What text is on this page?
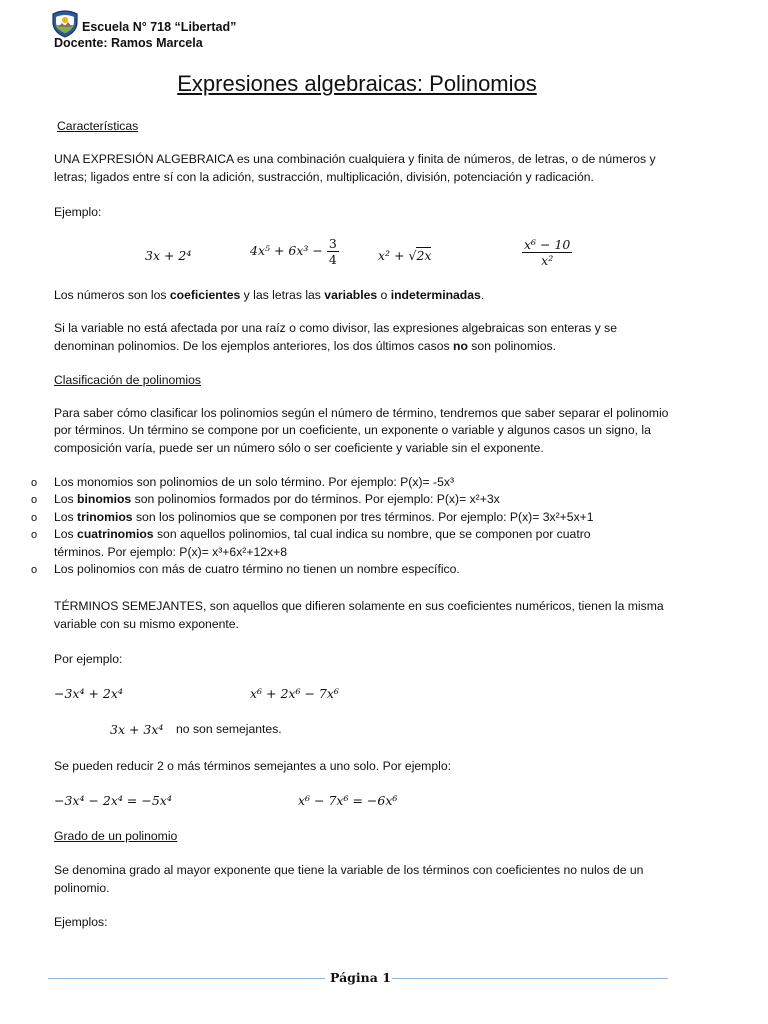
Escuela N° 718 “Libertad”
Docente: Ramos Marcela
Expresiones algebraicas: Polinomios
Características
UNA EXPRESIÓN ALGEBRAICA es una combinación cualquiera y finita de números, de letras, o de números y letras; ligados entre sí con la adición, sustracción, multiplicación, división, potenciación y radicación.
Ejemplo:
3x + 2⁴	$4x^5 + 6x^3 - \frac{3}{4}$	x² + √2x	$\frac{\text{x⁶ − 10}}{\text{x²}}$
Los números son los coeficientes y las letras las variables o indeterminadas.
Si la variable no está afectada por una raíz o como divisor, las expresiones algebraicas son enteras y se denominan polinomios. De los ejemplos anteriores, los dos últimos casos no son polinomios.
Clasificación de polinomios
Para saber cómo clasificar los polinomios según el número de término, tendremos que saber separar el polinomio por términos. Un término se compone por un coeficiente, un exponente o variable y algunos casos un signo, la composición varía, puede ser un número sólo o ser coeficiente y variable sin el exponente.
o Los monomios son polinomios de un solo término. Por ejemplo: P(x)= -5x³
o Los binomios son polinomios formados por do términos. Por ejemplo: P(x)= x²+3x
o Los trinomios son los polinomios que se componen por tres términos. Por ejemplo: P(x)= 3x²+5x+1
o Los cuatrinomios son aquellos polinomios, tal cual indica su nombre, que se componen por cuatro términos. Por ejemplo: P(x)= x³+6x²+12x+8
o Los polinomios con más de cuatro término no tienen un nombre específico.
TÉRMINOS SEMEJANTES, son aquellos que difieren solamente en sus coeficientes numéricos, tienen la misma variable con su mismo exponente.
Por ejemplo:
−3x⁴ + 2x⁴	x⁶ + 2x⁶ − 7x⁶
3x + 3x⁴ no son semejantes.
Se pueden reducir 2 o más términos semejantes a uno solo. Por ejemplo:
−3x⁴ − 2x⁴ = −5x⁴	x⁶ − 7x⁶ = −6x⁶
Grado de un polinomio
Se denomina grado al mayor exponente que tiene la variable de los términos con coeficientes no nulos de un polinomio.
Ejemplos:
Página 1
